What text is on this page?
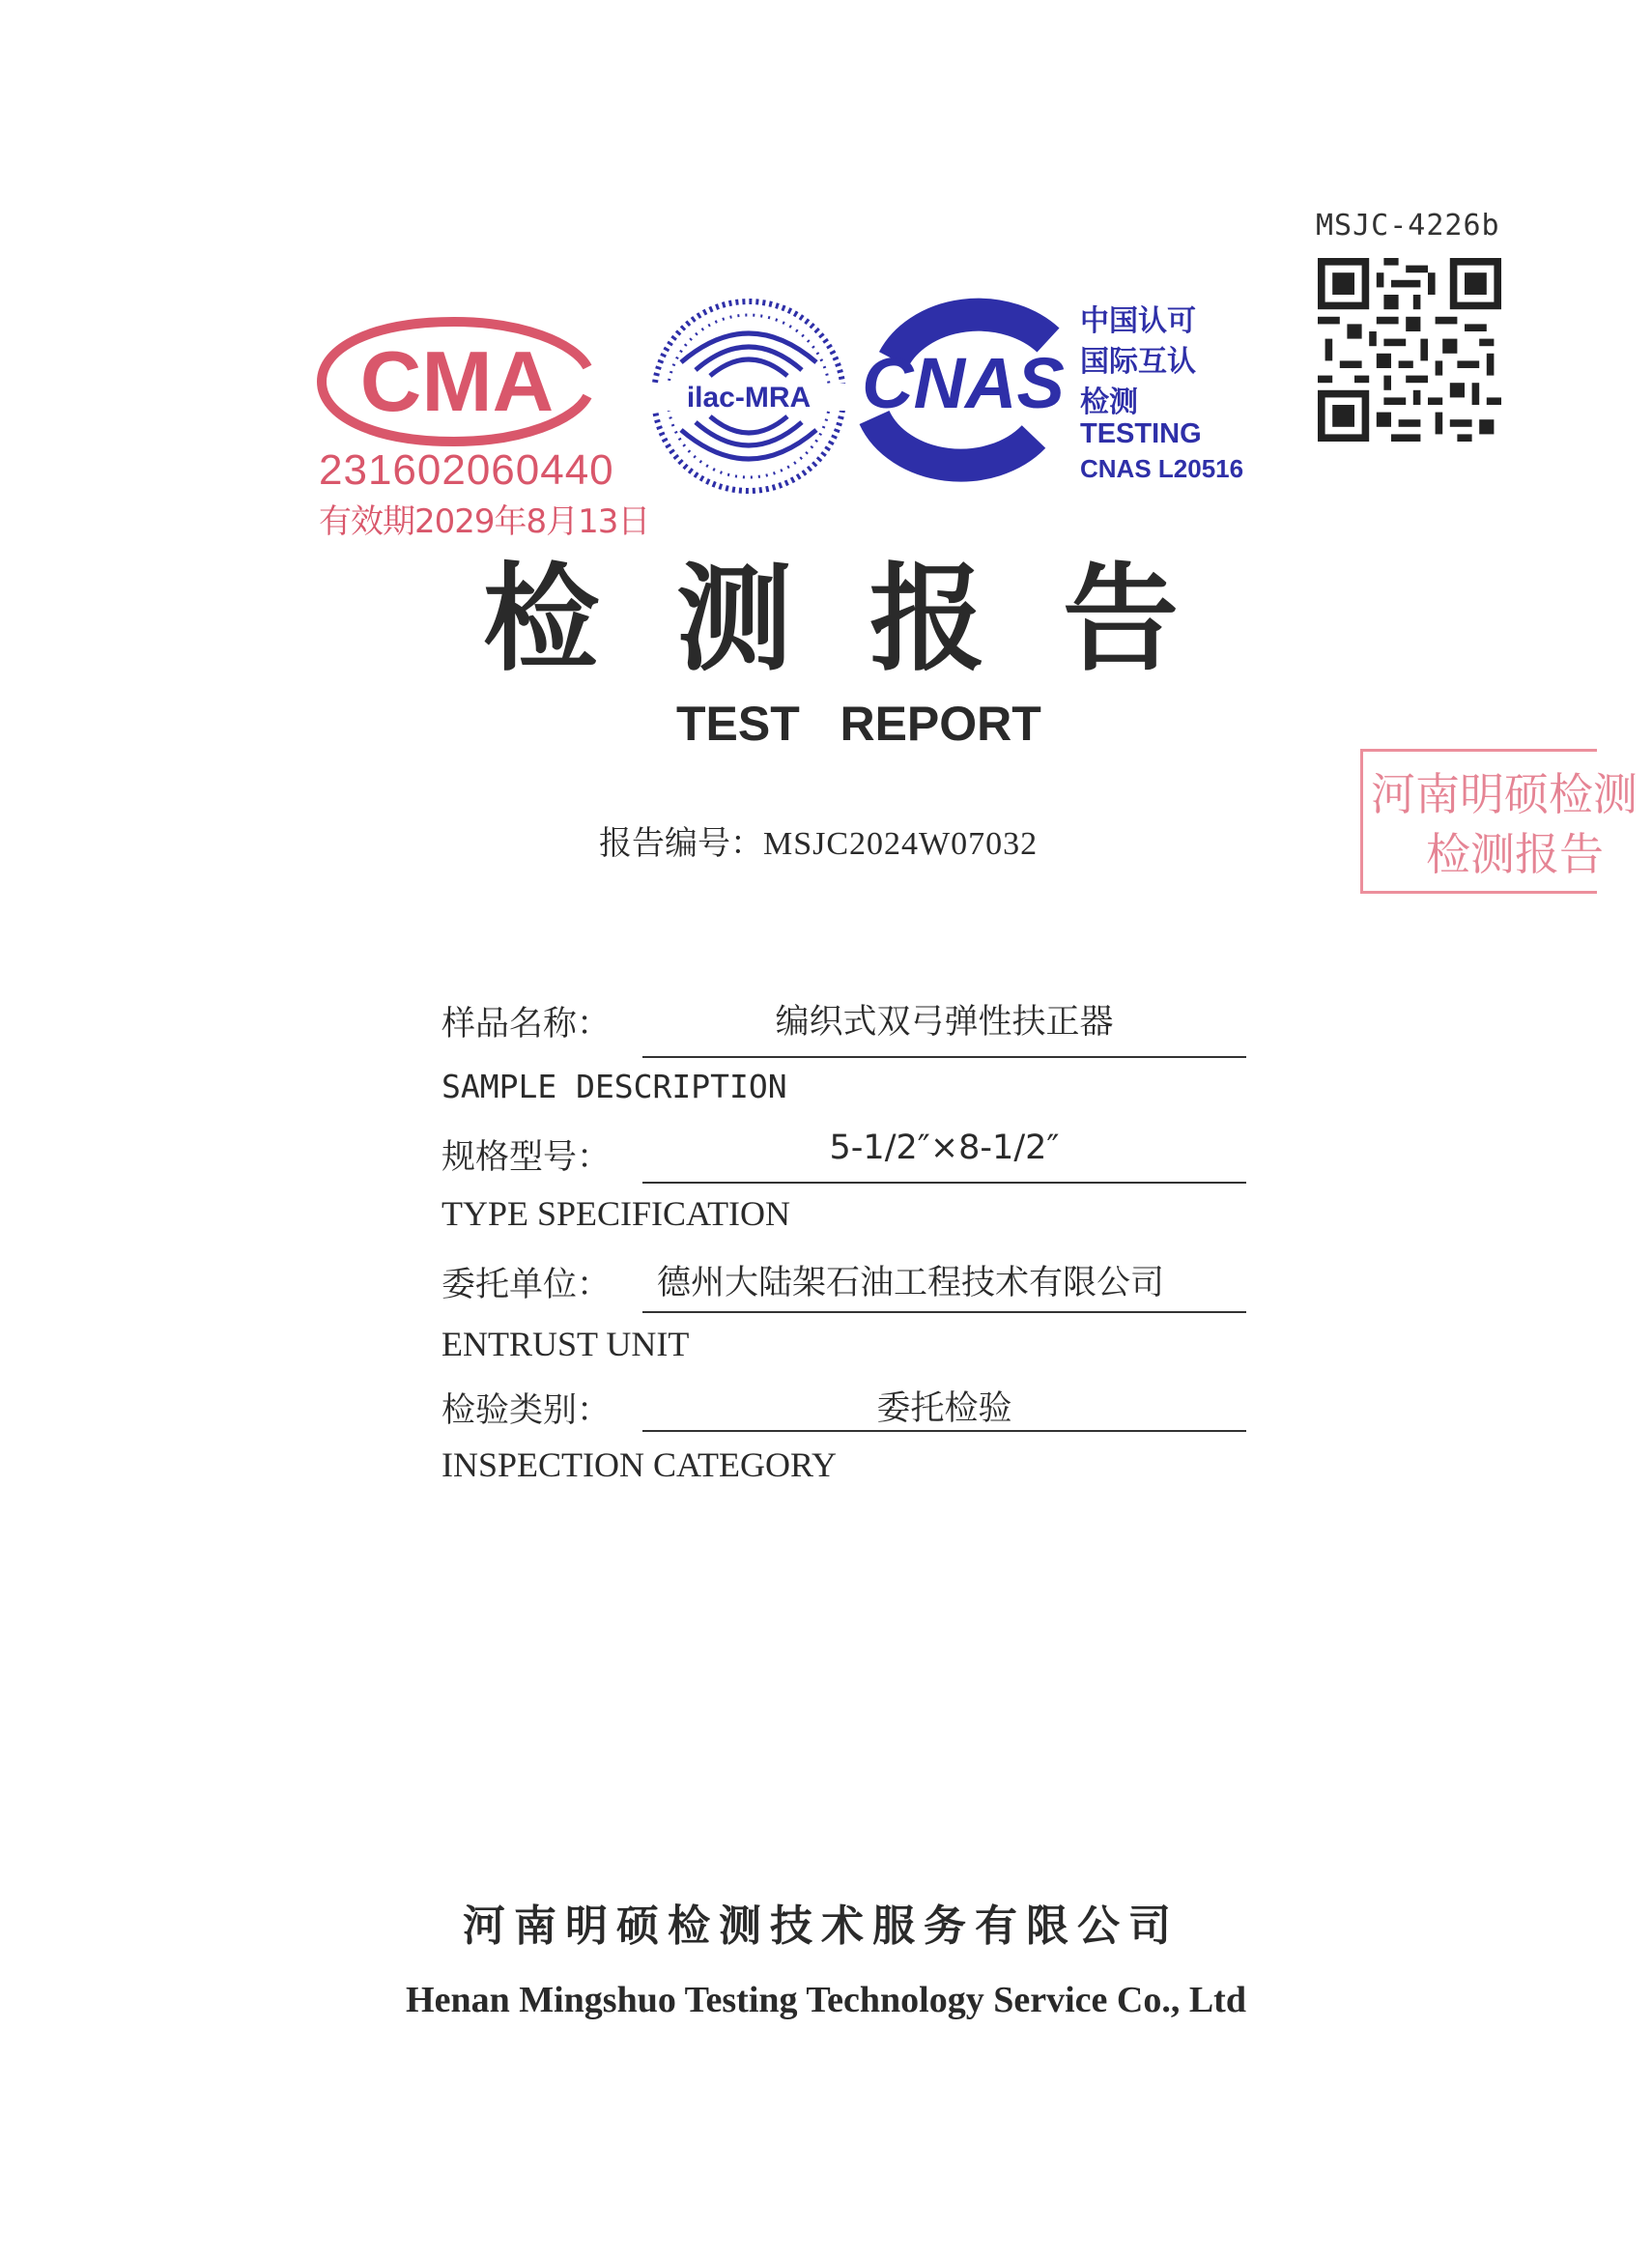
MSJC-4226b
CMA
231602060440
有效期2029年8月13日
ilac-MRA CNAS
中国认可
国际互认
检测
TESTING
CNAS L20516
河南明硕检测
检测报告
检测报告
TEST   REPORT
报告编号：MSJC2024W07032
样品名称：	编织式双弓弹性扶正器
SAMPLE DESCRIPTION
规格型号：	5-1/2″×8-1/2″
TYPE SPECIFICATION
委托单位： 德州大陆架石油工程技术有限公司
ENTRUST UNIT
检验类别：	委托检验
INSPECTION CATEGORY
河南明硕检测技术服务有限公司
Henan Mingshuo Testing Technology Service Co., Ltd
